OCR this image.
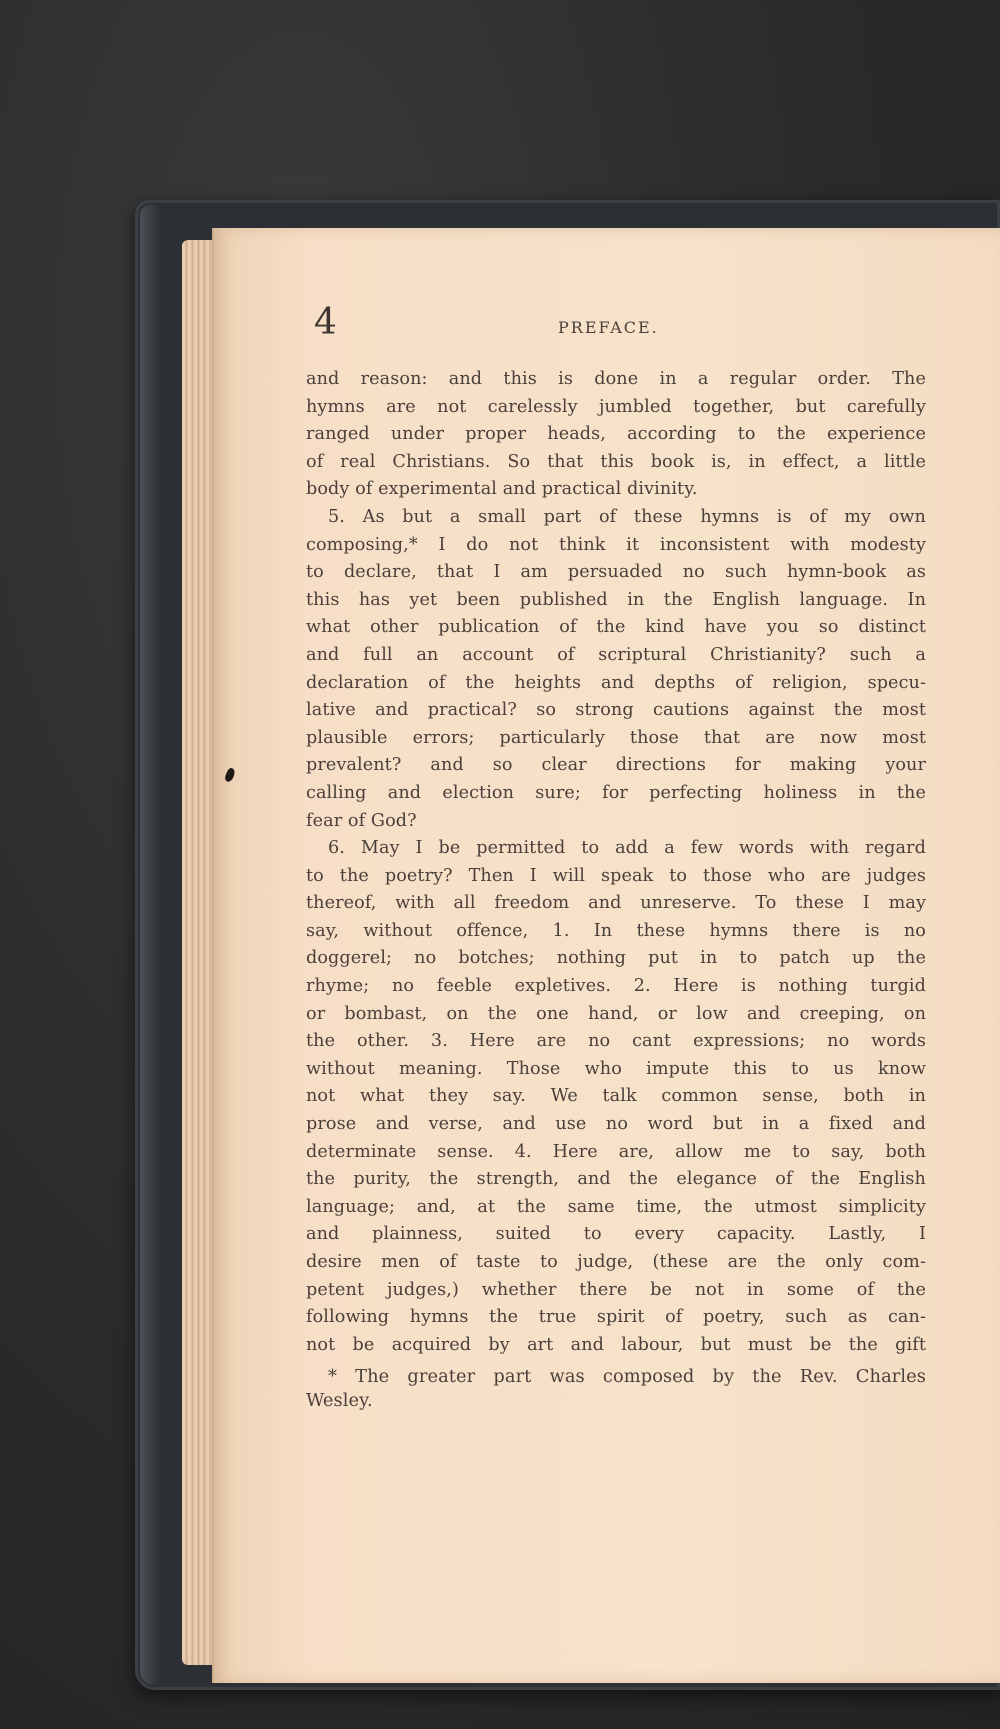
4	PREFACE.
and reason: and this is done in a regular order. The
hymns are not carelessly jumbled together, but carefully
ranged under proper heads, according to the experience
of real Christians. So that this book is, in effect, a little
body of experimental and practical divinity.
5. As but a small part of these hymns is of my own
composing,* I do not think it inconsistent with modesty
to declare, that I am persuaded no such hymn-book as
this has yet been published in the English language. In
what other publication of the kind have you so distinct
and full an account of scriptural Christianity? such a
declaration of the heights and depths of religion, specu-
lative and practical? so strong cautions against the most
plausible errors; particularly those that are now most
prevalent? and so clear directions for making your
calling and election sure; for perfecting holiness in the
fear of God?
6. May I be permitted to add a few words with regard
to the poetry? Then I will speak to those who are judges
thereof, with all freedom and unreserve. To these I may
say, without offence, 1. In these hymns there is no
doggerel; no botches; nothing put in to patch up the
rhyme; no feeble expletives. 2. Here is nothing turgid
or bombast, on the one hand, or low and creeping, on
the other. 3. Here are no cant expressions; no words
without meaning. Those who impute this to us know
not what they say. We talk common sense, both in
prose and verse, and use no word but in a fixed and
determinate sense. 4. Here are, allow me to say, both
the purity, the strength, and the elegance of the English
language; and, at the same time, the utmost simplicity
and plainness, suited to every capacity. Lastly, I
desire men of taste to judge, (these are the only com-
petent judges,) whether there be not in some of the
following hymns the true spirit of poetry, such as can-
not be acquired by art and labour, but must be the gift
* The greater part was composed by the Rev. Charles
Wesley.
